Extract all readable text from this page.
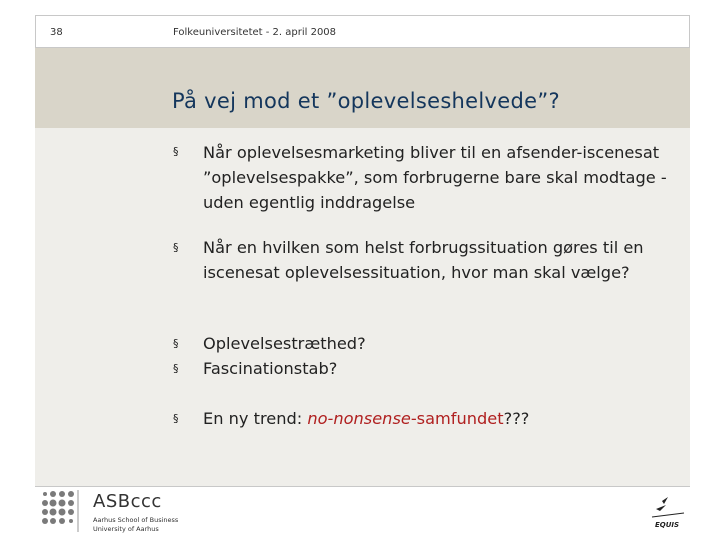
38	Folkeuniversitetet - 2. april 2008
På vej mod et ”oplevelseshelvede”?
§ Når oplevelsesmarketing bliver til en afsender-iscenesat ”oplevelsespakke”, som forbrugerne bare skal modtage - uden egentlig inddragelse
§ Når en hvilken som helst forbrugssituation gøres til en iscenesat oplevelsessituation, hvor man skal vælge?
§ Oplevelsestræthed?
§ Fascinationstab?
§ En ny trend: no-nonsense-samfundet???
ASBccc
Aarhus School of Business
University of Aarhus	EQUIS
